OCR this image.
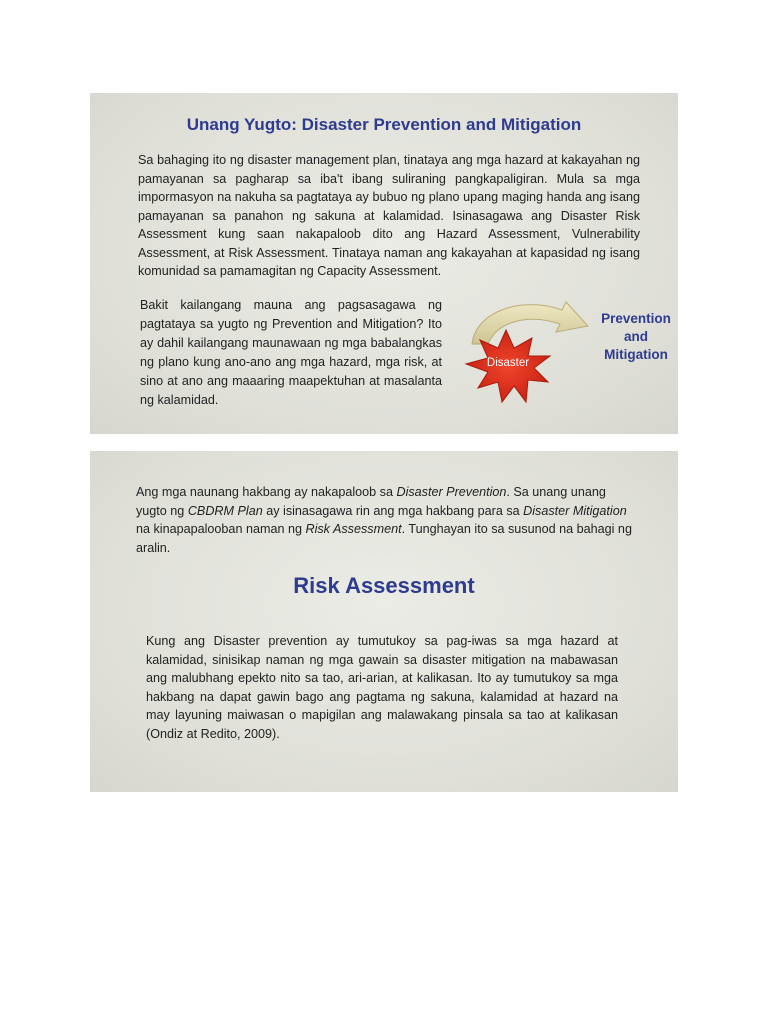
Unang Yugto: Disaster Prevention and Mitigation

Sa bahaging ito ng disaster management plan, tinataya ang mga hazard at kakayahan ng pamayanan sa pagharap sa iba't ibang suliraning pangkapaligiran. Mula sa mga impormasyon na nakuha sa pagtataya ay bubuo ng plano upang maging handa ang isang pamayanan sa panahon ng sakuna at kalamidad. Isinasagawa ang Disaster Risk Assessment kung saan nakapaloob dito ang Hazard Assessment, Vulnerability Assessment, at Risk Assessment. Tinataya naman ang kakayahan at kapasidad ng isang komunidad sa pamamagitan ng Capacity Assessment.

Bakit kailangang mauna ang pagsasagawa ng pagtataya sa yugto ng Prevention and Mitigation? Ito ay dahil kailangang maunawaan ng mga babalangkas ng plano kung ano-ano ang mga hazard, mga risk, at sino at ano ang maaaring maapektuhan at masalanta ng kalamidad.

Prevention
and Mitigation
Disaster

Ang mga naunang hakbang ay nakapaloob sa Disaster Prevention. Sa unang unang yugto ng CBDRM Plan ay isinasagawa rin ang mga hakbang para sa Disaster Mitigation na kinapapalooban naman ng Risk Assessment. Tunghayan ito sa susunod na bahagi ng aralin.

Risk Assessment

Kung ang Disaster prevention ay tumutukoy sa pag-iwas sa mga hazard at kalamidad, sinisikap naman ng mga gawain sa disaster mitigation na mabawasan ang malubhang epekto nito sa tao, ari-arian, at kalikasan. Ito ay tumutukoy sa mga hakbang na dapat gawin bago ang pagtama ng sakuna, kalamidad at hazard na may layuning maiwasan o mapigilan ang malawakang pinsala sa tao at kalikasan (Ondiz at Redito, 2009).
